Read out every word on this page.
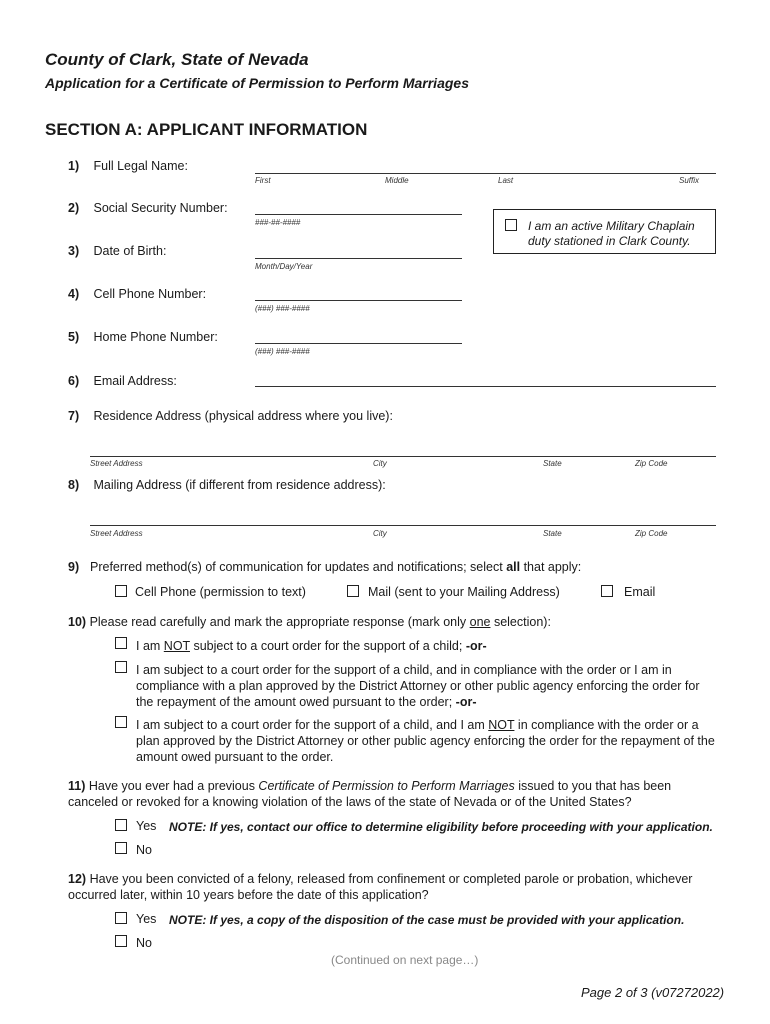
County of Clark, State of Nevada
Application for a Certificate of Permission to Perform Marriages
SECTION A: APPLICANT INFORMATION
1) Full Legal Name:
First	Middle	Last	Suffix
2) Social Security Number:
###-##-####	I am an active Military Chaplain duty stationed in Clark County.
3) Date of Birth:
Month/Day/Year
4) Cell Phone Number:
(###) ###-####
5) Home Phone Number:
(###) ###-####
6) Email Address:
7) Residence Address (physical address where you live):
Street Address	City	State	Zip Code
8) Mailing Address (if different from residence address):
Street Address	City	State	Zip Code
9) Preferred method(s) of communication for updates and notifications; select all that apply:
Cell Phone (permission to text)	Mail (sent to your Mailing Address)	Email
10) Please read carefully and mark the appropriate response (mark only one selection):
I am NOT subject to a court order for the support of a child; -or-
I am subject to a court order for the support of a child, and in compliance with the order or I am in compliance with a plan approved by the District Attorney or other public agency enforcing the order for the repayment of the amount owed pursuant to the order; -or-
I am subject to a court order for the support of a child, and I am NOT in compliance with the order or a plan approved by the District Attorney or other public agency enforcing the order for the repayment of the amount owed pursuant to the order.
11) Have you ever had a previous Certificate of Permission to Perform Marriages issued to you that has been canceled or revoked for a knowing violation of the laws of the state of Nevada or of the United States?
Yes NOTE: If yes, contact our office to determine eligibility before proceeding with your application.
No
12) Have you been convicted of a felony, released from confinement or completed parole or probation, whichever occurred later, within 10 years before the date of this application?
Yes NOTE: If yes, a copy of the disposition of the case must be provided with your application.
No
(Continued on next page…)
Page 2 of 3 (v07272022)
